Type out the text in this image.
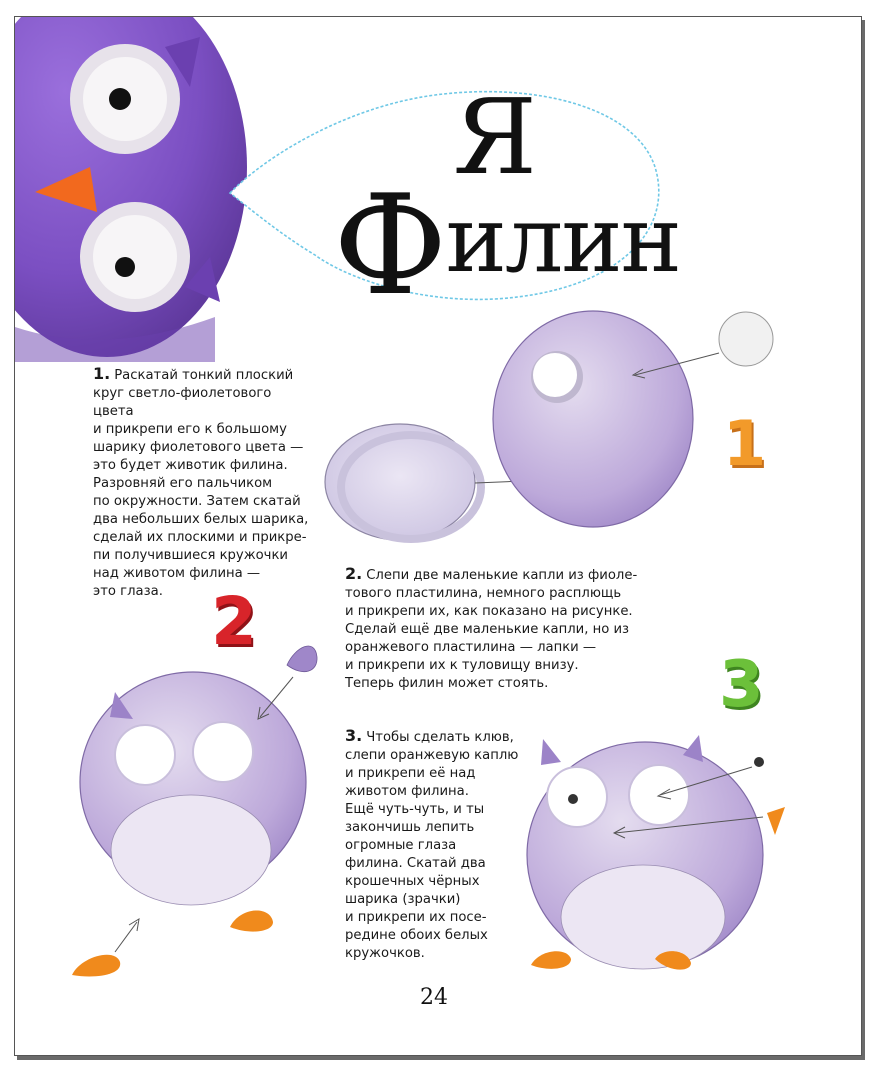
Я
Филин
1
2
3

1. Раскатай тонкий плоский
круг светло-фиолетового цвета
и прикрепи его к большому
шарику фиолетового цвета —
это будет животик филина.
Разровняй его пальчиком
по окружности. Затем скатай
два небольших белых шарика,
сделай их плоскими и прикре-
пи получившиеся кружочки
над животом филина —
это глаза.

2. Слепи две маленькие капли из фиоле-
тового пластилина, немного расплющь
и прикрепи их, как показано на рисунке.
Сделай ещё две маленькие капли, но из
оранжевого пластилина — лапки —
и прикрепи их к туловищу внизу.
Теперь филин может стоять.

3. Чтобы сделать клюв,
слепи оранжевую каплю
и прикрепи её над
животом филина.
Ещё чуть-чуть, и ты
закончишь лепить
огромные глаза
филина. Скатай два
крошечных чёрных
шарика (зрачки)
и прикрепи их посе-
редине обоих белых
кружочков.

24
